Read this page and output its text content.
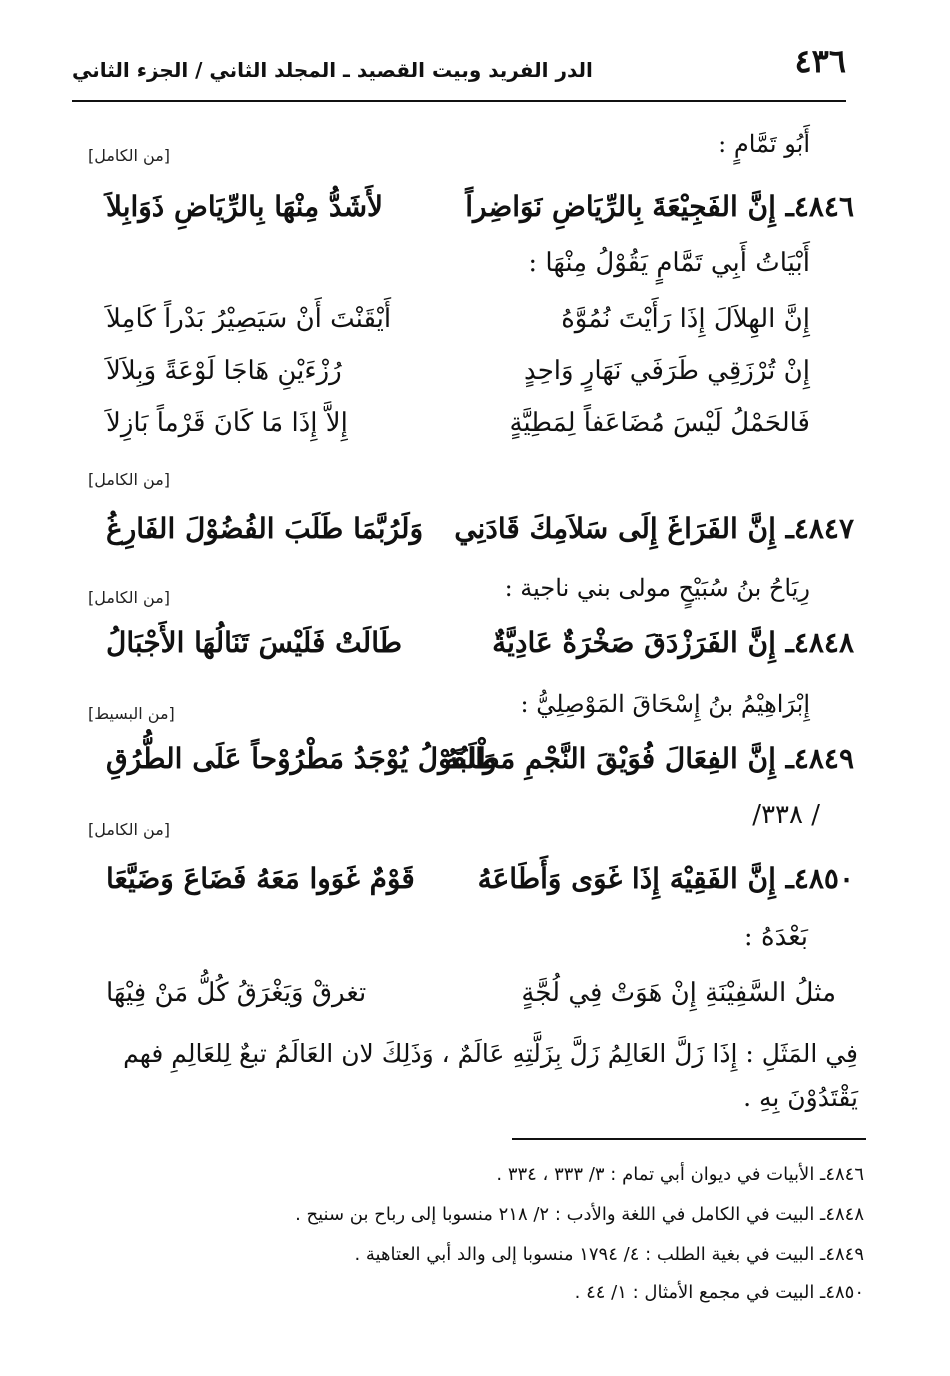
٤٣٦
الدر الفريد وبيت القصيد ـ المجلد الثاني / الجزء الثاني
أَبُو تَمَّامٍ :
[من الكامل]
٤٨٤٦ـ إِنَّ الفَجِيْعَةَ بِالرِّيَاضِ نَوَاضِراً
لأَشَدُّ مِنْهَا بِالرِّيَاضِ ذَوَابِلاَ
أَبْيَاتُ أَبِي تَمَّامٍ يَقُوْلُ مِنْهَا :
إِنَّ الهِلاَلَ إِذَا رَأَيْتَ نُمُوَّهُ
أَيْقَنْتَ أَنْ سَيَصِيْرُ بَدْراً كَامِلاَ
إِنْ تُرْزَقِي طَرَفَي نَهَارٍ وَاحِدٍ
رُزْءَيْنِ هَاجَا لَوْعَةً وَبِلاَلاَ
فَالحَمْلُ لَيْسَ مُضَاعَفاً لِمَطِيَّةٍ
إِلاَّ إِذَا مَا كَانَ قَرْماً بَازِلاَ
[من الكامل]
٤٨٤٧ـ إِنَّ الفَرَاغَ إِلَى سَلاَمِكَ قَادَنِي
وَلَرُبَّمَا طَلَبَ الفُضُوْلَ الفَارِغُ
رِيَاحُ بنُ سُبَيْحٍ مولى بني ناجية :
[من الكامل]
٤٨٤٨ـ إِنَّ الفَرَزْدَقَ صَخْرَةٌ عَادِيَّةٌ
طَالَتْ فَلَيْسَ تَنَالُهَا الأَجْبَالُ
إِبْرَاهِيْمُ بنُ إِسْحَاقَ المَوْصِلِيُّ :
[من البسيط]
٤٨٤٩ـ إِنَّ الفِعَالَ فُوَيْقَ النَّجْمِ مَطْلَبُهُ
وَالقَوْلُ يُوْجَدُ مَطْرُوْحاً عَلَى الطُّرُقِ
/ ٣٣٨/
[من الكامل]
٤٨٥٠ـ إِنَّ الفَقِيْهَ إِذَا غَوَى وَأَطَاعَهُ
قَوْمٌ غَوَوا مَعَهُ فَضَاعَ وَضَيَّعَا
بَعْدَهُ :
مثلُ السَّفِيْنَةِ إِنْ هَوَتْ فِي لُجَّةٍ
تغرقْ وَيَغْرَقُ كُلُّ مَنْ فِيْهَا
فِي المَثَلِ : إِذَا زَلَّ العَالِمُ زَلَّ بِزَلَّتِهِ عَالَمٌ ، وَذَلِكَ لان العَالَمُ تبعٌ لِلعَالِمِ فهم يَقْتَدُوْنَ بِهِ .
٤٨٤٦ـ الأبيات في ديوان أبي تمام : ٣/ ٣٣٣ ، ٣٣٤ .
٤٨٤٨ـ البيت في الكامل في اللغة والأدب : ٢/ ٢١٨ منسوبا إلى رباح بن سنيح .
٤٨٤٩ـ البيت في بغية الطلب : ٤/ ١٧٩٤ منسوبا إلى والد أبي العتاهية .
٤٨٥٠ـ البيت في مجمع الأمثال : ١/ ٤٤ .
